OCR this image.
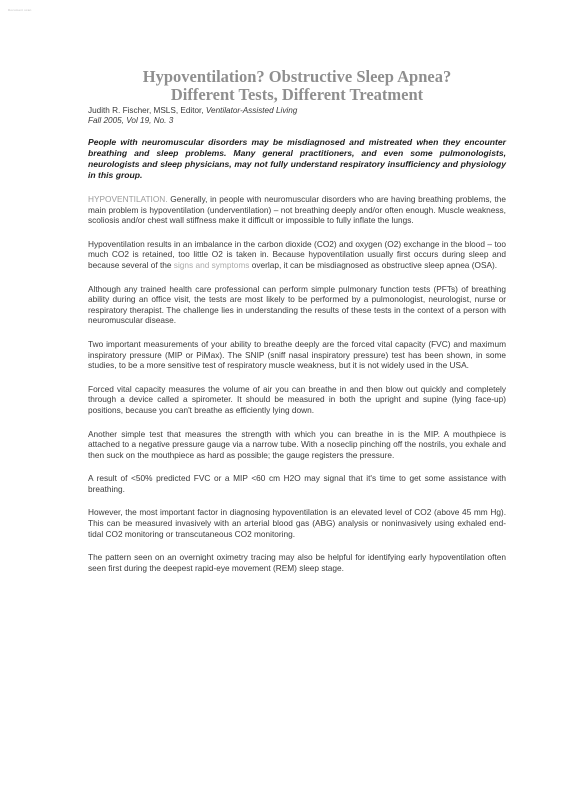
Document scan
Hypoventilation? Obstructive Sleep Apnea?
Different Tests, Different Treatment
Judith R. Fischer, MSLS, Editor, Ventilator-Assisted Living
Fall 2005, Vol 19, No. 3
People with neuromuscular disorders may be misdiagnosed and mistreated when they encounter breathing and sleep problems. Many general practitioners, and even some pulmonologists, neurologists and sleep physicians, may not fully understand respiratory insufficiency and physiology in this group.

HYPOVENTILATION. Generally, in people with neuromuscular disorders who are having breathing problems, the main problem is hypoventilation (underventilation) – not breathing deeply and/or often enough. Muscle weakness, scoliosis and/or chest wall stiffness make it difficult or impossible to fully inflate the lungs.

Hypoventilation results in an imbalance in the carbon dioxide (CO2) and oxygen (O2) exchange in the blood – too much CO2 is retained, too little O2 is taken in. Because hypoventilation usually first occurs during sleep and because several of the signs and symptoms overlap, it can be misdiagnosed as obstructive sleep apnea (OSA).

Although any trained health care professional can perform simple pulmonary function tests (PFTs) of breathing ability during an office visit, the tests are most likely to be performed by a pulmonologist, neurologist, nurse or respiratory therapist. The challenge lies in understanding the results of these tests in the context of a person with neuromuscular disease.

Two important measurements of your ability to breathe deeply are the forced vital capacity (FVC) and maximum inspiratory pressure (MIP or PiMax). The SNIP (sniff nasal inspiratory pressure) test has been shown, in some studies, to be a more sensitive test of respiratory muscle weakness, but it is not widely used in the USA.

Forced vital capacity measures the volume of air you can breathe in and then blow out quickly and completely through a device called a spirometer. It should be measured in both the upright and supine (lying face-up) positions, because you can't breathe as efficiently lying down.

Another simple test that measures the strength with which you can breathe in is the MIP. A mouthpiece is attached to a negative pressure gauge via a narrow tube. With a noseclip pinching off the nostrils, you exhale and then suck on the mouthpiece as hard as possible; the gauge registers the pressure.

A result of <50% predicted FVC or a MIP <60 cm H2O may signal that it's time to get some assistance with breathing.

However, the most important factor in diagnosing hypoventilation is an elevated level of CO2 (above 45 mm Hg). This can be measured invasively with an arterial blood gas (ABG) analysis or noninvasively using exhaled end-tidal CO2 monitoring or transcutaneous CO2 monitoring.

The pattern seen on an overnight oximetry tracing may also be helpful for identifying early hypoventilation often seen first during the deepest rapid-eye movement (REM) sleep stage.
